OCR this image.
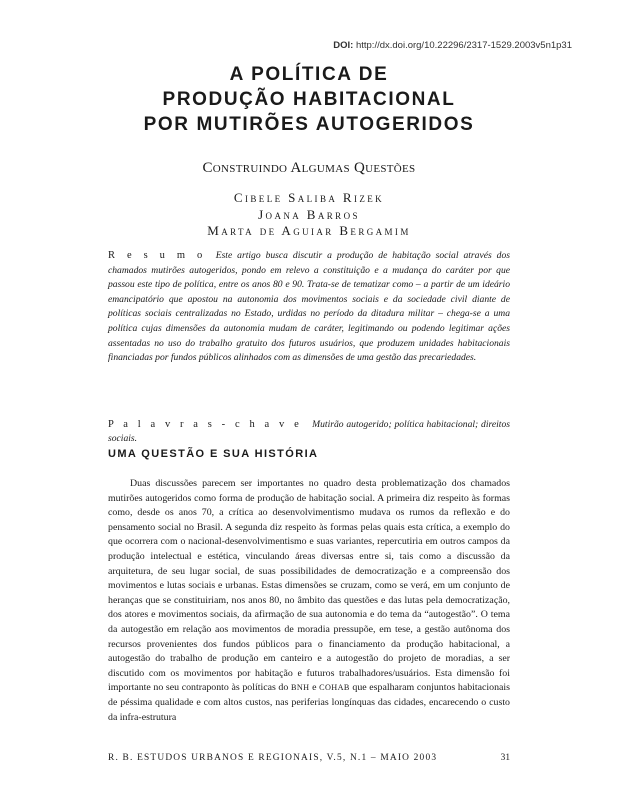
DOI: http://dx.doi.org/10.22296/2317-1529.2003v5n1p31
A POLÍTICA DE
PRODUÇÃO HABITACIONAL
POR MUTIRÕES AUTOGERIDOS
Construindo Algumas Questões
Cibele Saliba Rizek
Joana Barros
Marta de Aguiar Bergamim
R e s u m o Este artigo busca discutir a produção de habitação social através dos chamados mutirões autogeridos, pondo em relevo a constituição e a mudança do caráter por que passou este tipo de política, entre os anos 80 e 90. Trata-se de tematizar como – a partir de um ideário emancipatório que apostou na autonomia dos movimentos sociais e da sociedade civil diante de políticas sociais centralizadas no Estado, urdidas no período da ditadura militar – chega-se a uma política cujas dimensões da autonomia mudam de caráter, legitimando ou podendo legitimar ações assentadas no uso do trabalho gratuito dos futuros usuários, que produzem unidades habitacionais financiadas por fundos públicos alinhados com as dimensões de uma gestão das precariedades.
P a l a v r a s - c h a v e Mutirão autogerido; política habitacional; direitos sociais.
UMA QUESTÃO E SUA HISTÓRIA

Duas discussões parecem ser importantes no quadro desta problematização dos chamados mutirões autogeridos como forma de produção de habitação social. A primeira diz respeito às formas como, desde os anos 70, a crítica ao desenvolvimentismo mudava os rumos da reflexão e do pensamento social no Brasil. A segunda diz respeito às formas pelas quais esta crítica, a exemplo do que ocorrera com o nacional-desenvolvimentismo e suas variantes, repercutiria em outros campos da produção intelectual e estética, vinculando áreas diversas entre si, tais como a discussão da arquitetura, de seu lugar social, de suas possibilidades de democratização e a compreensão dos movimentos e lutas sociais e urbanas. Estas dimensões se cruzam, como se verá, em um conjunto de heranças que se constituiriam, nos anos 80, no âmbito das questões e das lutas pela democratização, dos atores e movimentos sociais, da afirmação de sua autonomia e do tema da “autogestão”. O tema da autogestão em relação aos movimentos de moradia pressupõe, em tese, a gestão autônoma dos recursos provenientes dos fundos públicos para o financiamento da produção habitacional, a autogestão do trabalho de produção em canteiro e a autogestão do projeto de moradias, a ser discutido com os movimentos por habitação e futuros trabalhadores/usuários. Esta dimensão foi importante no seu contraponto às políticas do BNH e COHAB que espalharam conjuntos habitacionais de péssima qualidade e com altos custos, nas periferias longínquas das cidades, encarecendo o custo da infra-estrutura

R. B. ESTUDOS URBANOS E REGIONAIS, V.5, N.1 – MAIO 2003	31
